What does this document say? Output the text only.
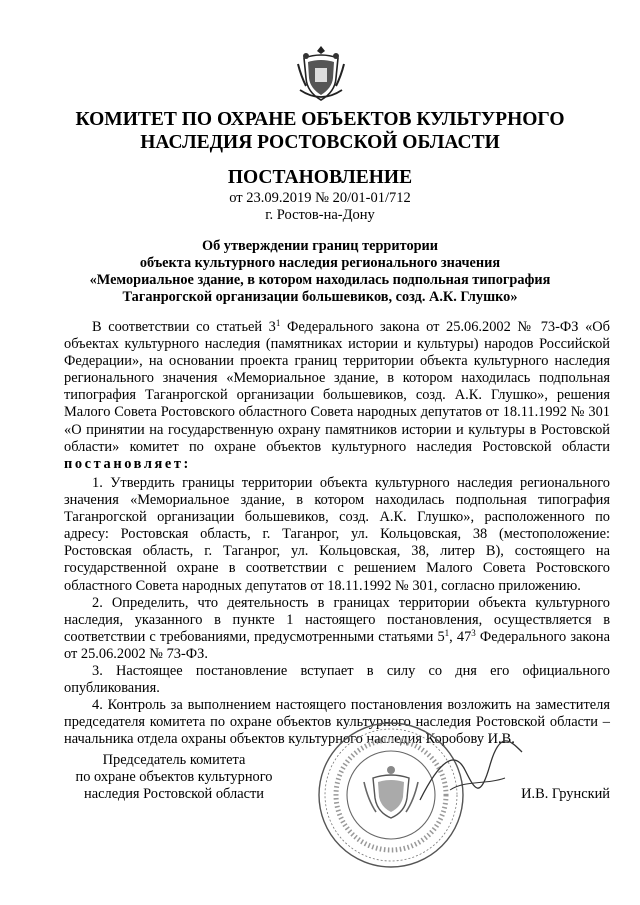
КОМИТЕТ ПО ОХРАНЕ ОБЪЕКТОВ КУЛЬТУРНОГО
НАСЛЕДИЯ РОСТОВСКОЙ ОБЛАСТИ
ПОСТАНОВЛЕНИЕ
от 23.09.2019 № 20/01-01/712
г. Ростов-на-Дону
Об утверждении границ территории
объекта культурного наследия регионального значения
«Мемориальное здание, в котором находилась подпольная типография
Таганрогской организации большевиков, созд. А.К. Глушко»

В соответствии со статьей $3^1$ Федерального закона от 25.06.2002 № 73-ФЗ «Об объектах культурного наследия (памятниках истории и культуры) народов Российской Федерации», на основании проекта границ территории объекта культурного наследия регионального значения «Мемориальное здание, в котором находилась подпольная типография Таганрогской организации большевиков, созд. А.К. Глушко», решения Малого Совета Ростовского областного Совета народных депутатов от 18.11.1992 № 301 «О принятии на государственную охрану памятников истории и культуры в Ростовской области» комитет по охране объектов культурного наследия Ростовской области постановляет:

1. Утвердить границы территории объекта культурного наследия регионального значения «Мемориальное здание, в котором находилась подпольная типография Таганрогской организации большевиков, созд. А.К. Глушко», расположенного по адресу: Ростовская область, г. Таганрог, ул. Кольцовская, 38 (местоположение: Ростовская область, г. Таганрог, ул. Кольцовская, 38, литер В), состоящего на государственной охране в соответствии с решением Малого Совета Ростовского областного Совета народных депутатов от 18.11.1992 № 301, согласно приложению.

2. Определить, что деятельность в границах территории объекта культурного наследия, указанного в пункте 1 настоящего постановления, осуществляется в соответствии с требованиями, предусмотренными статьями $5^1$, $47^3$ Федерального закона от 25.06.2002 № 73-ФЗ.

3. Настоящее постановление вступает в силу со дня его официального опубликования.

4. Контроль за выполнением настоящего постановления возложить на заместителя председателя комитета по охране объектов культурного наследия Ростовской области – начальника отдела охраны объектов культурного наследия Коробову И.В.

Председатель комитета
по охране объектов культурного
наследия Ростовской области	И.В. Грунский
